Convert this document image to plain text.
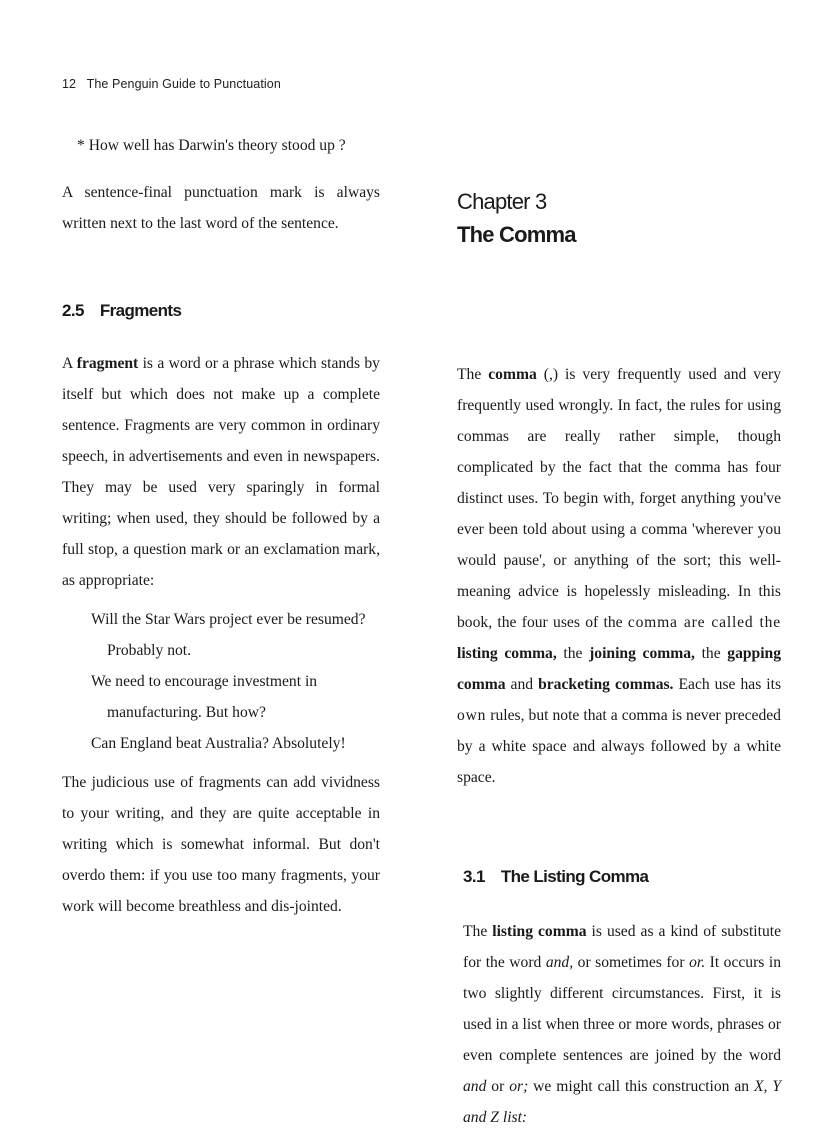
12 The Penguin Guide to Punctuation
* How well has Darwin's theory stood up ?

A sentence-final punctuation mark is always written next to the last word of the sentence.

2.5 Fragments

A fragment is a word or a phrase which stands by itself but which does not make up a complete sentence. Fragments are very common in ordinary speech, in advertisements and even in newspapers. They may be used very sparingly in formal writing; when used, they should be followed by a full stop, a question mark or an exclamation mark, as appropriate:

Will the Star Wars project ever be resumed? Probably not.
We need to encourage investment in manufacturing. But how?
Can England beat Australia? Absolutely!

The judicious use of fragments can add vividness to your writing, and they are quite acceptable in writing which is somewhat informal. But don't overdo them: if you use too many fragments, your work will become breathless and dis-jointed.

Chapter 3
The Comma

The comma (,) is very frequently used and very frequently used wrongly. In fact, the rules for using commas are really rather simple, though complicated by the fact that the comma has four distinct uses. To begin with, forget anything you've ever been told about using a comma 'wherever you would pause', or anything of the sort; this well-meaning advice is hopelessly misleading. In this book, the four uses of the comma are called the listing comma, the joining comma, the gapping comma and bracketing commas. Each use has its own rules, but note that a comma is never preceded by a white space and always followed by a white space.

3.1 The Listing Comma

The listing comma is used as a kind of substitute for the word and, or sometimes for or. It occurs in two slightly different circumstances. First, it is used in a list when three or more words, phrases or even complete sentences are joined by the word and or or; we might call this construction an X, Y and Z list:
